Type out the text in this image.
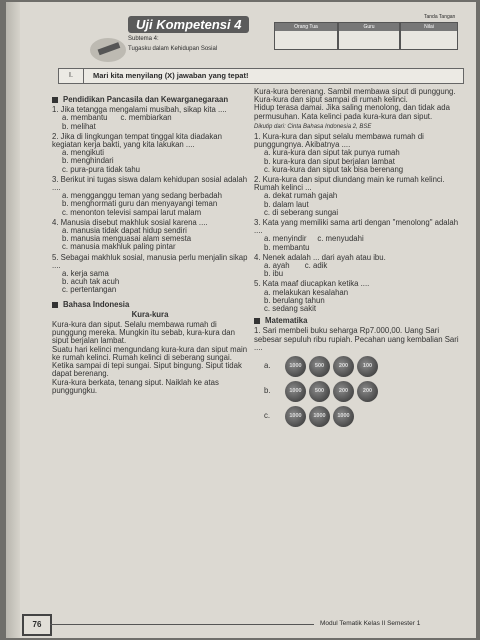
Uji Kompetensi 4
Subtema 4:
Tugasku dalam Kehidupan Sosial
Tanda Tangan
Orang Tua	Guru	Nilai
I.	Mari kita menyilang (X) jawaban yang tepat!
Pendidikan Pancasila dan Kewarganegaraan
1. Jika tetangga mengalami musibah, sikap kita ....
a. membantu c. membiarkan
b. melihat
2. Jika di lingkungan tempat tinggal kita diadakan kegiatan kerja bakti, yang kita lakukan ....
a. mengikuti
b. menghindari
c. pura-pura tidak tahu
3. Berikut ini tugas siswa dalam kehidupan sosial adalah ....
a. mengganggu teman yang sedang berbadah
b. menghormati guru dan menyayangi teman
c. menonton televisi sampai larut malam
4. Manusia disebut makhluk sosial karena ....
a. manusia tidak dapat hidup sendiri
b. manusia menguasai alam semesta
c. manusia makhluk paling pintar
5. Sebagai makhluk sosial, manusia perlu menjalin sikap ....
a. kerja sama
b. acuh tak acuh
c. pertentangan
Bahasa Indonesia
Kura-kura
Kura-kura dan siput. Selalu membawa rumah di punggung mereka. Mungkin itu sebab, kura-kura dan siput berjalan lambat.
Suatu hari kelinci mengundang kura-kura dan siput main ke rumah kelinci. Rumah kelinci di seberang sungai.
Ketika sampai di tepi sungai. Siput bingung. Siput tidak dapat berenang.
Kura-kura berkata, tenang siput. Naiklah ke atas punggungku.
Kura-kura berenang. Sambil membawa siput di punggung. Kura-kura dan siput sampai di rumah kelinci.
Hidup terasa damai. Jika saling menolong, dan tidak ada permusuhan. Kata kelinci pada kura-kura dan siput.
Dikutip dari: Cinta Bahasa Indonesia 2, BSE
1. Kura-kura dan siput selalu membawa rumah di punggungnya. Akibatnya ....
a. kura-kura dan siput tak punya rumah
b. kura-kura dan siput berjalan lambat
c. kura-kura dan siput tak bisa berenang
2. Kura-kura dan siput diundang main ke rumah kelinci. Rumah kelinci ...
a. dekat rumah gajah
b. dalam laut
c. di seberang sungai
3. Kata yang memiliki sama arti dengan "menolong" adalah ....
a. menyindir c. menyudahi
b. membantu
4. Nenek adalah ... dari ayah atau ibu.
a. ayah c. adik
b. ibu
5. Kata maaf diucapkan ketika ....
a. melakukan kesalahan
b. berulang tahun
c. sedang sakit
Matematika
1. Sari membeli buku seharga Rp7.000,00. Uang Sari sebesar sepuluh ribu rupiah. Pecahan uang kembalian Sari ....
a.	1000	500	200	100
b.	1000	500	200	200
c.	1000	1000	1000
76	Modul Tematik Kelas II Semester 1
